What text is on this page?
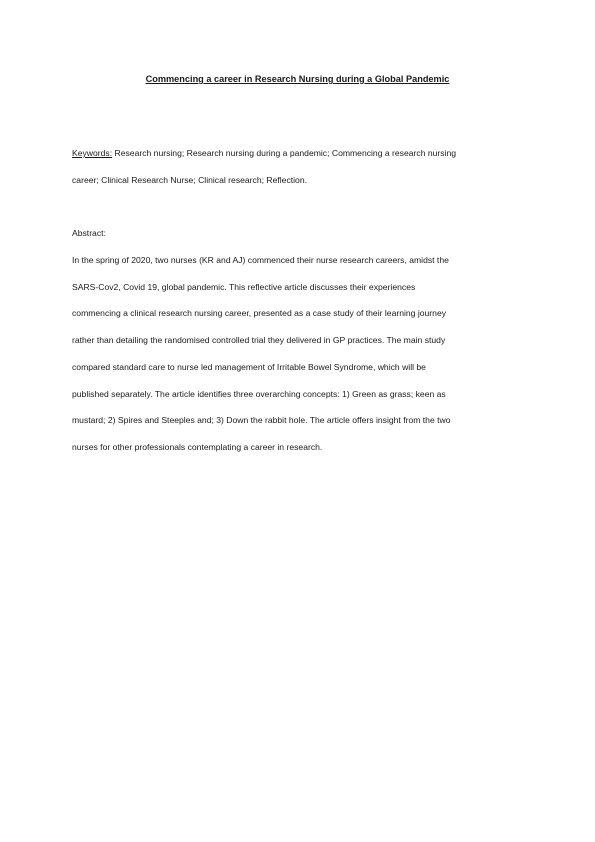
Commencing a career in Research Nursing during a Global Pandemic
Keywords: Research nursing; Research nursing during a pandemic; Commencing a research nursing
career; Clinical Research Nurse; Clinical research; Reflection.
Abstract:
In the spring of 2020, two nurses (KR and AJ) commenced their nurse research careers, amidst the
SARS-Cov2, Covid 19, global pandemic. This reflective article discusses their experiences
commencing a clinical research nursing career, presented as a case study of their learning journey
rather than detailing the randomised controlled trial they delivered in GP practices. The main study
compared standard care to nurse led management of Irritable Bowel Syndrome, which will be
published separately. The article identifies three overarching concepts: 1) Green as grass; keen as
mustard; 2) Spires and Steeples and; 3) Down the rabbit hole. The article offers insight from the two
nurses for other professionals contemplating a career in research.
